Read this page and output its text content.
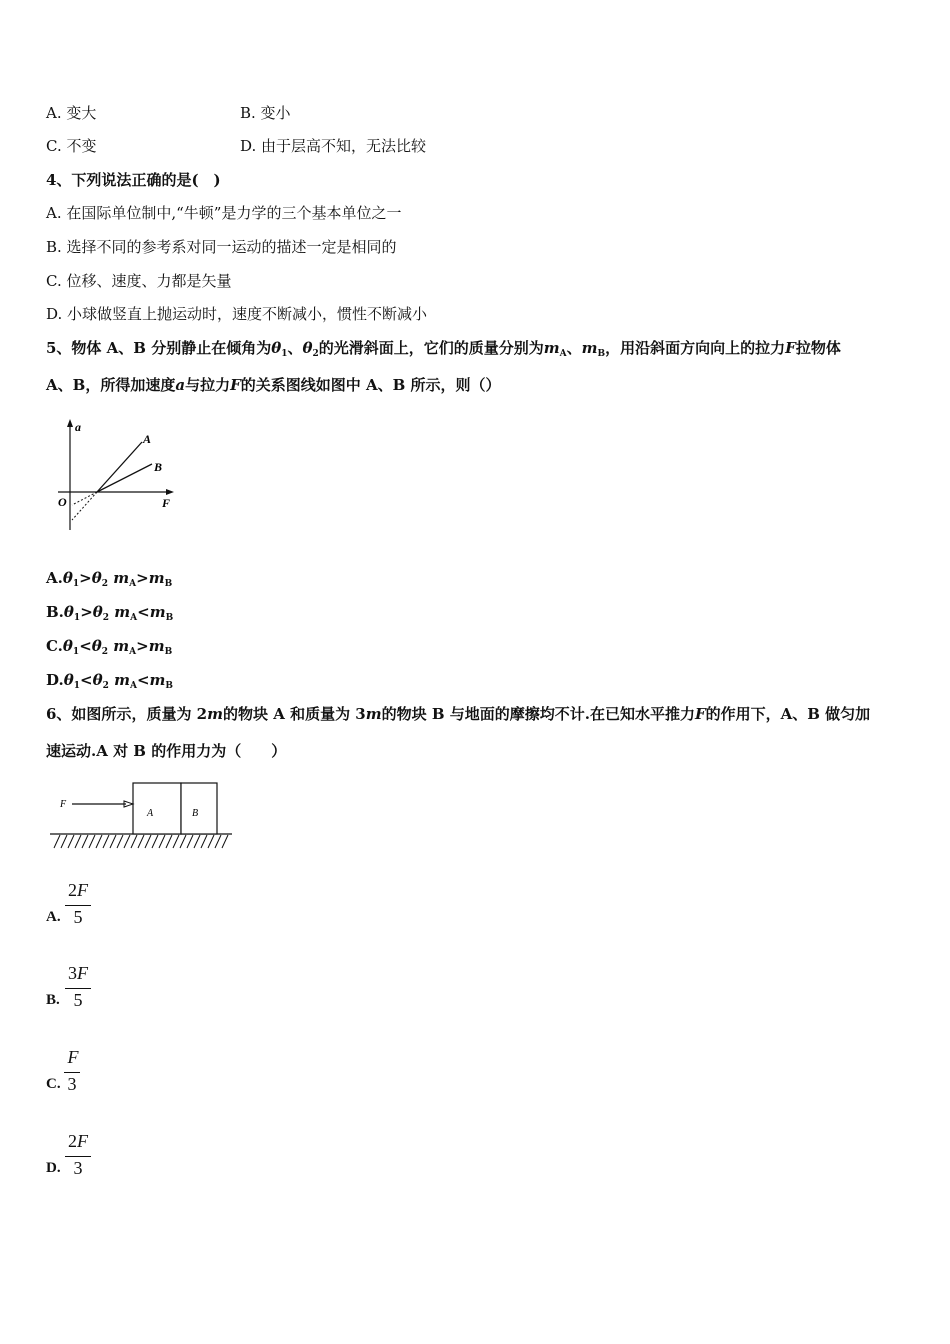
A. 变大	B. 变小
C. 不变	D. 由于层高不知，无法比较
4、下列说法正确的是(　)
A. 在国际单位制中,“牛顿”是力学的三个基本单位之一
B. 选择不同的参考系对同一运动的描述一定是相同的
C. 位移、速度、力都是矢量
D. 小球做竖直上抛运动时，速度不断减小，惯性不断减小
5、物体 A、B 分别静止在倾角为$\theta_1$、$\theta_2$的光滑斜面上，它们的质量分别为$m_A$、$m_B$，用沿斜面方向向上的拉力F拉物体
A、B，所得加速度a与拉力F的关系图线如图中 A、B 所示，则（）
a
F
O
A
B
$A.\theta_1>\theta_2$ $m_A>m_B$
$B.\theta_1>\theta_2$ $m_A<m_B$
$C.\theta_1<\theta_2$ $m_A>m_B$
$D.\theta_1<\theta_2$ $m_A<m_B$
6、如图所示，质量为 2m的物块 A 和质量为 3m的物块 B 与地面的摩擦均不计.在已知水平推力F的作用下，A、B 做匀加
速运动.A 对 B 的作用力为（　　）
F
A	B
A.
2F
5
B.
3F
5
C.
F
3
D.
2F
3
